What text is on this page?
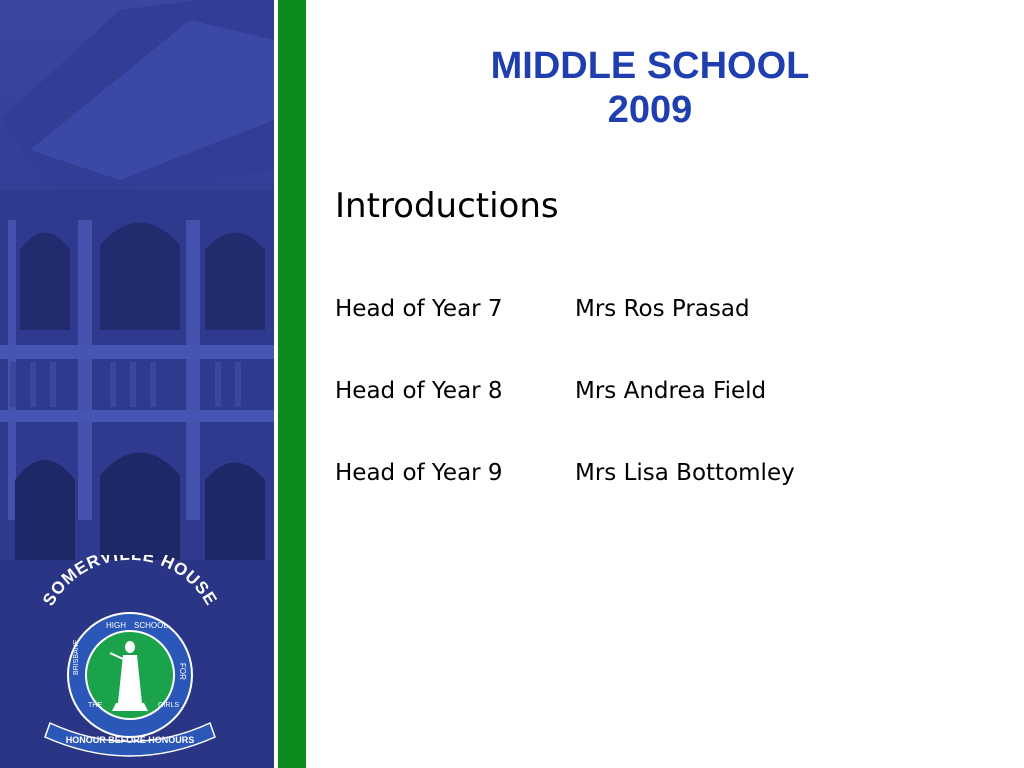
SOMERVI E HOUSE
HIGH SCHOOL
BRISBANE	FOR
THE	GIRLS
HONOUR BEFORE HONOURS
MIDDLE SCHOOL
2009
Introductions
Head of Year 7	Mrs Ros Prasad
Head of Year 8	Mrs Andrea Field
Head of Year 9	Mrs Lisa Bottomley
